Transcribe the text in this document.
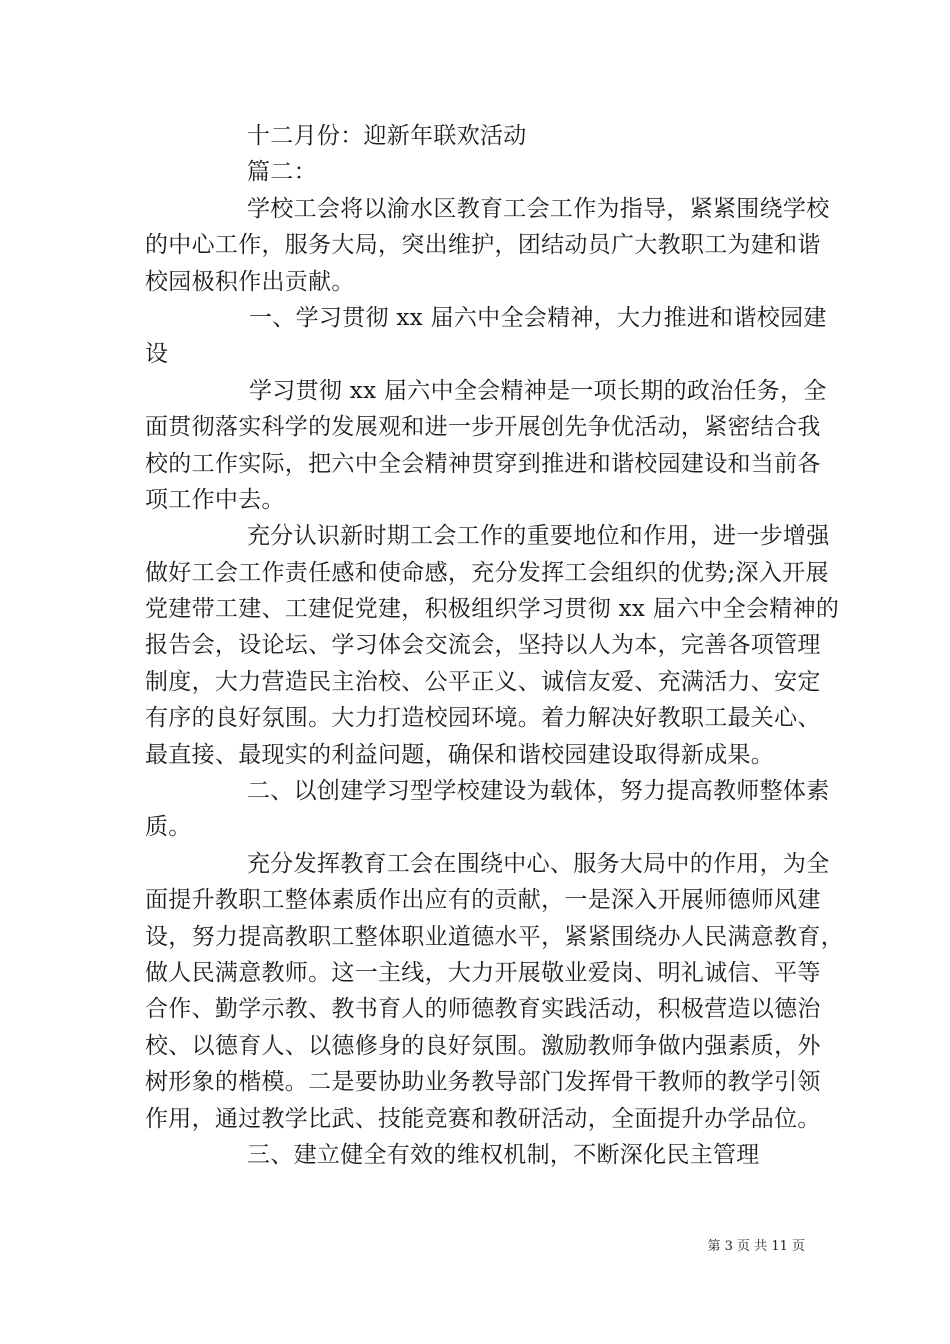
十二月份：迎新年联欢活动
篇二：
学校工会将以渝水区教育工会工作为指导，紧紧围绕学校
的中心工作，服务大局，突出维护，团结动员广大教职工为建和谐
校园极积作出贡献。
一、学习贯彻 xx 届六中全会精神，大力推进和谐校园建
设
学习贯彻 xx 届六中全会精神是一项长期的政治任务，全
面贯彻落实科学的发展观和进一步开展创先争优活动，紧密结合我
校的工作实际，把六中全会精神贯穿到推进和谐校园建设和当前各
项工作中去。
充分认识新时期工会工作的重要地位和作用，进一步增强
做好工会工作责任感和使命感，充分发挥工会组织的优势;深入开展
党建带工建、工建促党建，积极组织学习贯彻 xx 届六中全会精神的
报告会，设论坛、学习体会交流会，坚持以人为本，完善各项管理
制度，大力营造民主治校、公平正义、诚信友爱、充满活力、安定
有序的良好氛围。大力打造校园环境。着力解决好教职工最关心、
最直接、最现实的利益问题，确保和谐校园建设取得新成果。
二、以创建学习型学校建设为载体，努力提高教师整体素
质。
充分发挥教育工会在围绕中心、服务大局中的作用，为全
面提升教职工整体素质作出应有的贡献，一是深入开展师德师风建
设，努力提高教职工整体职业道德水平，紧紧围绕办人民满意教育，
做人民满意教师。这一主线，大力开展敬业爱岗、明礼诚信、平等
合作、勤学示教、教书育人的师德教育实践活动，积极营造以德治
校、以德育人、以德修身的良好氛围。激励教师争做内强素质，外
树形象的楷模。二是要协助业务教导部门发挥骨干教师的教学引领
作用，通过教学比武、技能竞赛和教研活动，全面提升办学品位。
三、建立健全有效的维权机制，不断深化民主管理
第 3 页 共 11 页
